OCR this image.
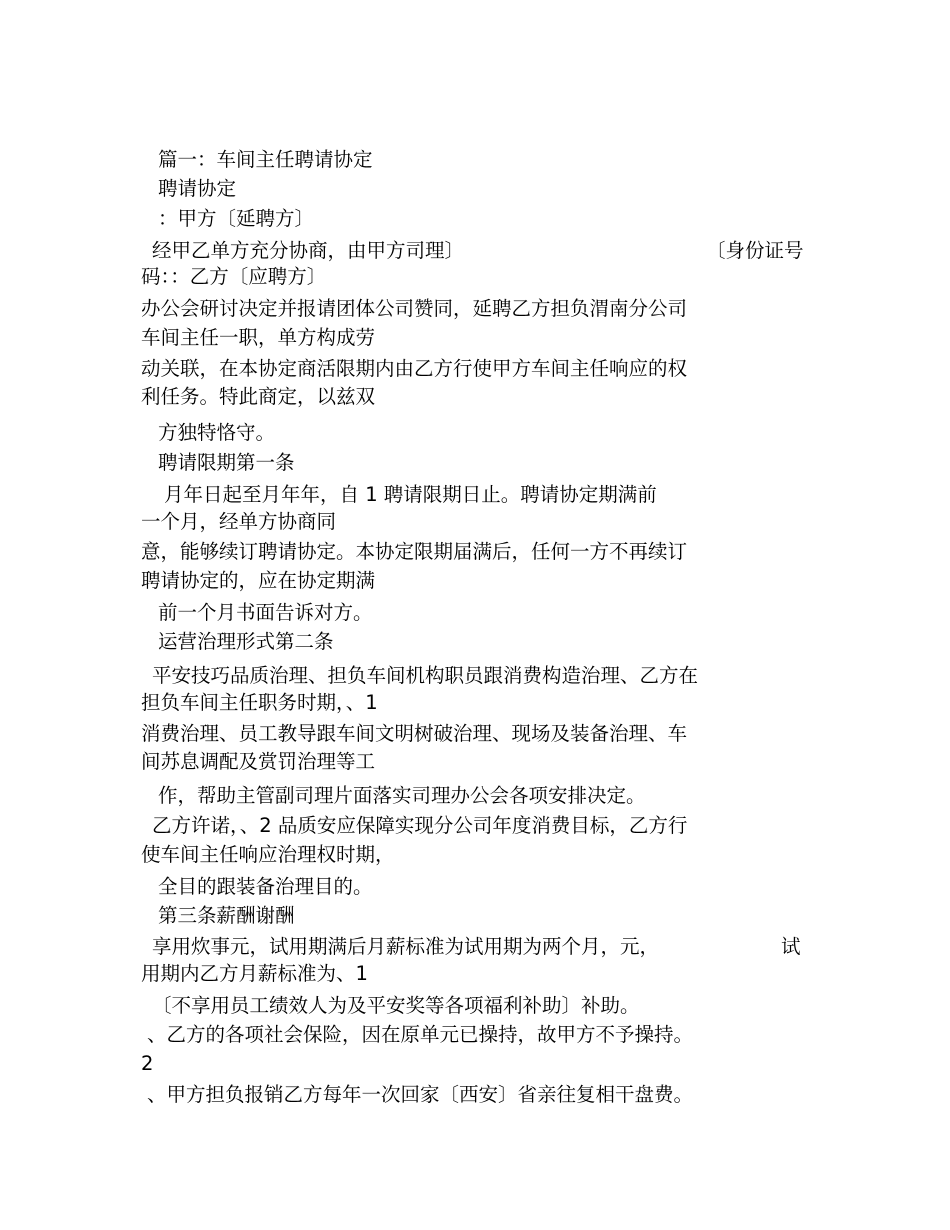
篇一：车间主任聘请协定
聘请协定
：甲方〔延聘方〕
经甲乙单方充分协商，由甲方司理〕	〔身份证号
码：：乙方〔应聘方〕
办公会研讨决定并报请团体公司赞同，延聘乙方担负渭南分公司
车间主任一职，单方构成劳
动关联，在本协定商活限期内由乙方行使甲方车间主任响应的权
利任务。特此商定，以兹双
方独特恪守。
聘请限期第一条
月年日起至月年年，自 1 聘请限期日止。聘请协定期满前
一个月，经单方协商同
意，能够续订聘请协定。本协定限期届满后，任何一方不再续订
聘请协定的，应在协定期满
前一个月书面告诉对方。
运营治理形式第二条
平安技巧品质治理、担负车间机构职员跟消费构造治理、乙方在
担负车间主任职务时期，、1
消费治理、员工教导跟车间文明树破治理、现场及装备治理、车
间苏息调配及赏罚治理等工
作，帮助主管副司理片面落实司理办公会各项安排决定。
乙方许诺，、2 品质安应保障实现分公司年度消费目标，乙方行
使车间主任响应治理权时期，
全目的跟装备治理目的。
第三条薪酬谢酬
享用炊事元，试用期满后月薪标准为试用期为两个月，元，	试
用期内乙方月薪标准为、1
〔不享用员工绩效人为及平安奖等各项福利补助〕补助。
、乙方的各项社会保险，因在原单元已操持，故甲方不予操持。
2
、甲方担负报销乙方每年一次回家〔西安〕省亲往复相干盘费。
